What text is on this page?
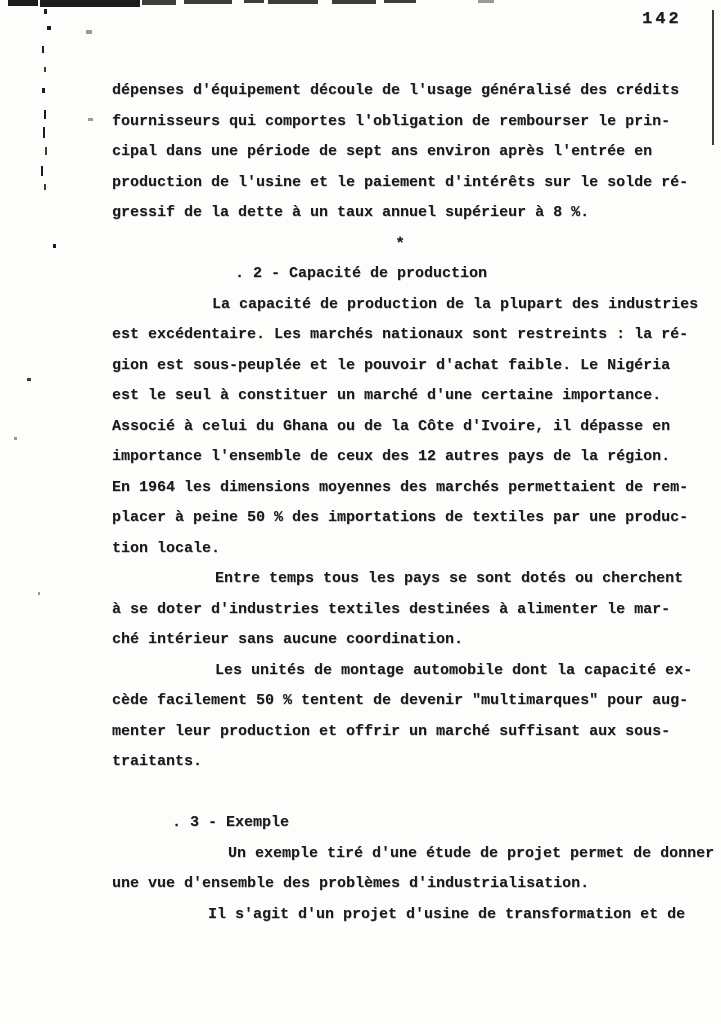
142
dépenses d'équipement découle de l'usage généralisé des crédits
fournisseurs qui comportes l'obligation de rembourser le prin-
cipal dans une période de sept ans environ après l'entrée en
production de l'usine et le paiement d'intérêts sur le solde ré-
gressif de la dette à un taux annuel supérieur à 8 %.
*
. 2 - Capacité de production
La capacité de production de la plupart des industries
est excédentaire. Les marchés nationaux sont restreints : la ré-
gion est sous-peuplée et le pouvoir d'achat faible. Le Nigéria
est le seul à constituer un marché d'une certaine importance.
Associé à celui du Ghana ou de la Côte d'Ivoire, il dépasse en
importance l'ensemble de ceux des 12 autres pays de la région.
En 1964 les dimensions moyennes des marchés permettaient de rem-
placer à peine 50 % des importations de textiles par une produc-
tion locale.
Entre temps tous les pays se sont dotés ou cherchent
à se doter d'industries textiles destinées à alimenter le mar-
ché intérieur sans aucune coordination.
Les unités de montage automobile dont la capacité ex-
cède facilement 50 % tentent de devenir "multimarques" pour aug-
menter leur production et offrir un marché suffisant aux sous-
traitants.
. 3 - Exemple
Un exemple tiré d'une étude de projet permet de donner
une vue d'ensemble des problèmes d'industrialisation.
Il s'agit d'un projet d'usine de transformation et de
